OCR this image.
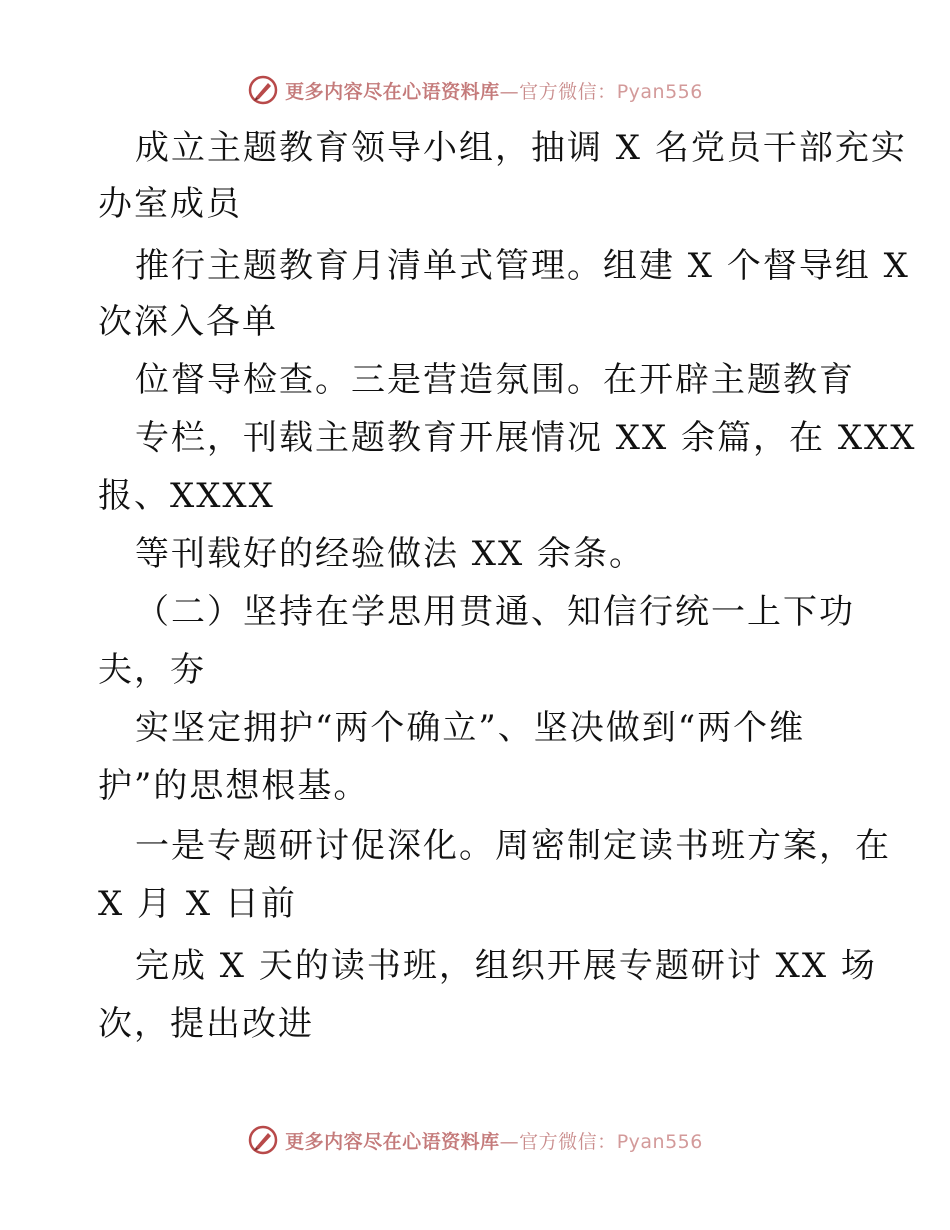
更多内容尽在心语资料库—官方微信：Pyan556
成立主题教育领导小组，抽调 X 名党员干部充实
办室成员
推行主题教育月清单式管理。组建 X 个督导组 X
次深入各单
位督导检查。三是营造氛围。在开辟主题教育
专栏，刊载主题教育开展情况 XX 余篇，在 XXX
报、XXXX
等刊载好的经验做法 XX 余条。
（二）坚持在学思用贯通、知信行统一上下功
夫，夯
实坚定拥护“两个确立”、坚决做到“两个维
护”的思想根基。
一是专题研讨促深化。周密制定读书班方案，在
X 月 X 日前
完成 X 天的读书班，组织开展专题研讨 XX 场
次，提出改进
更多内容尽在心语资料库—官方微信：Pyan556
